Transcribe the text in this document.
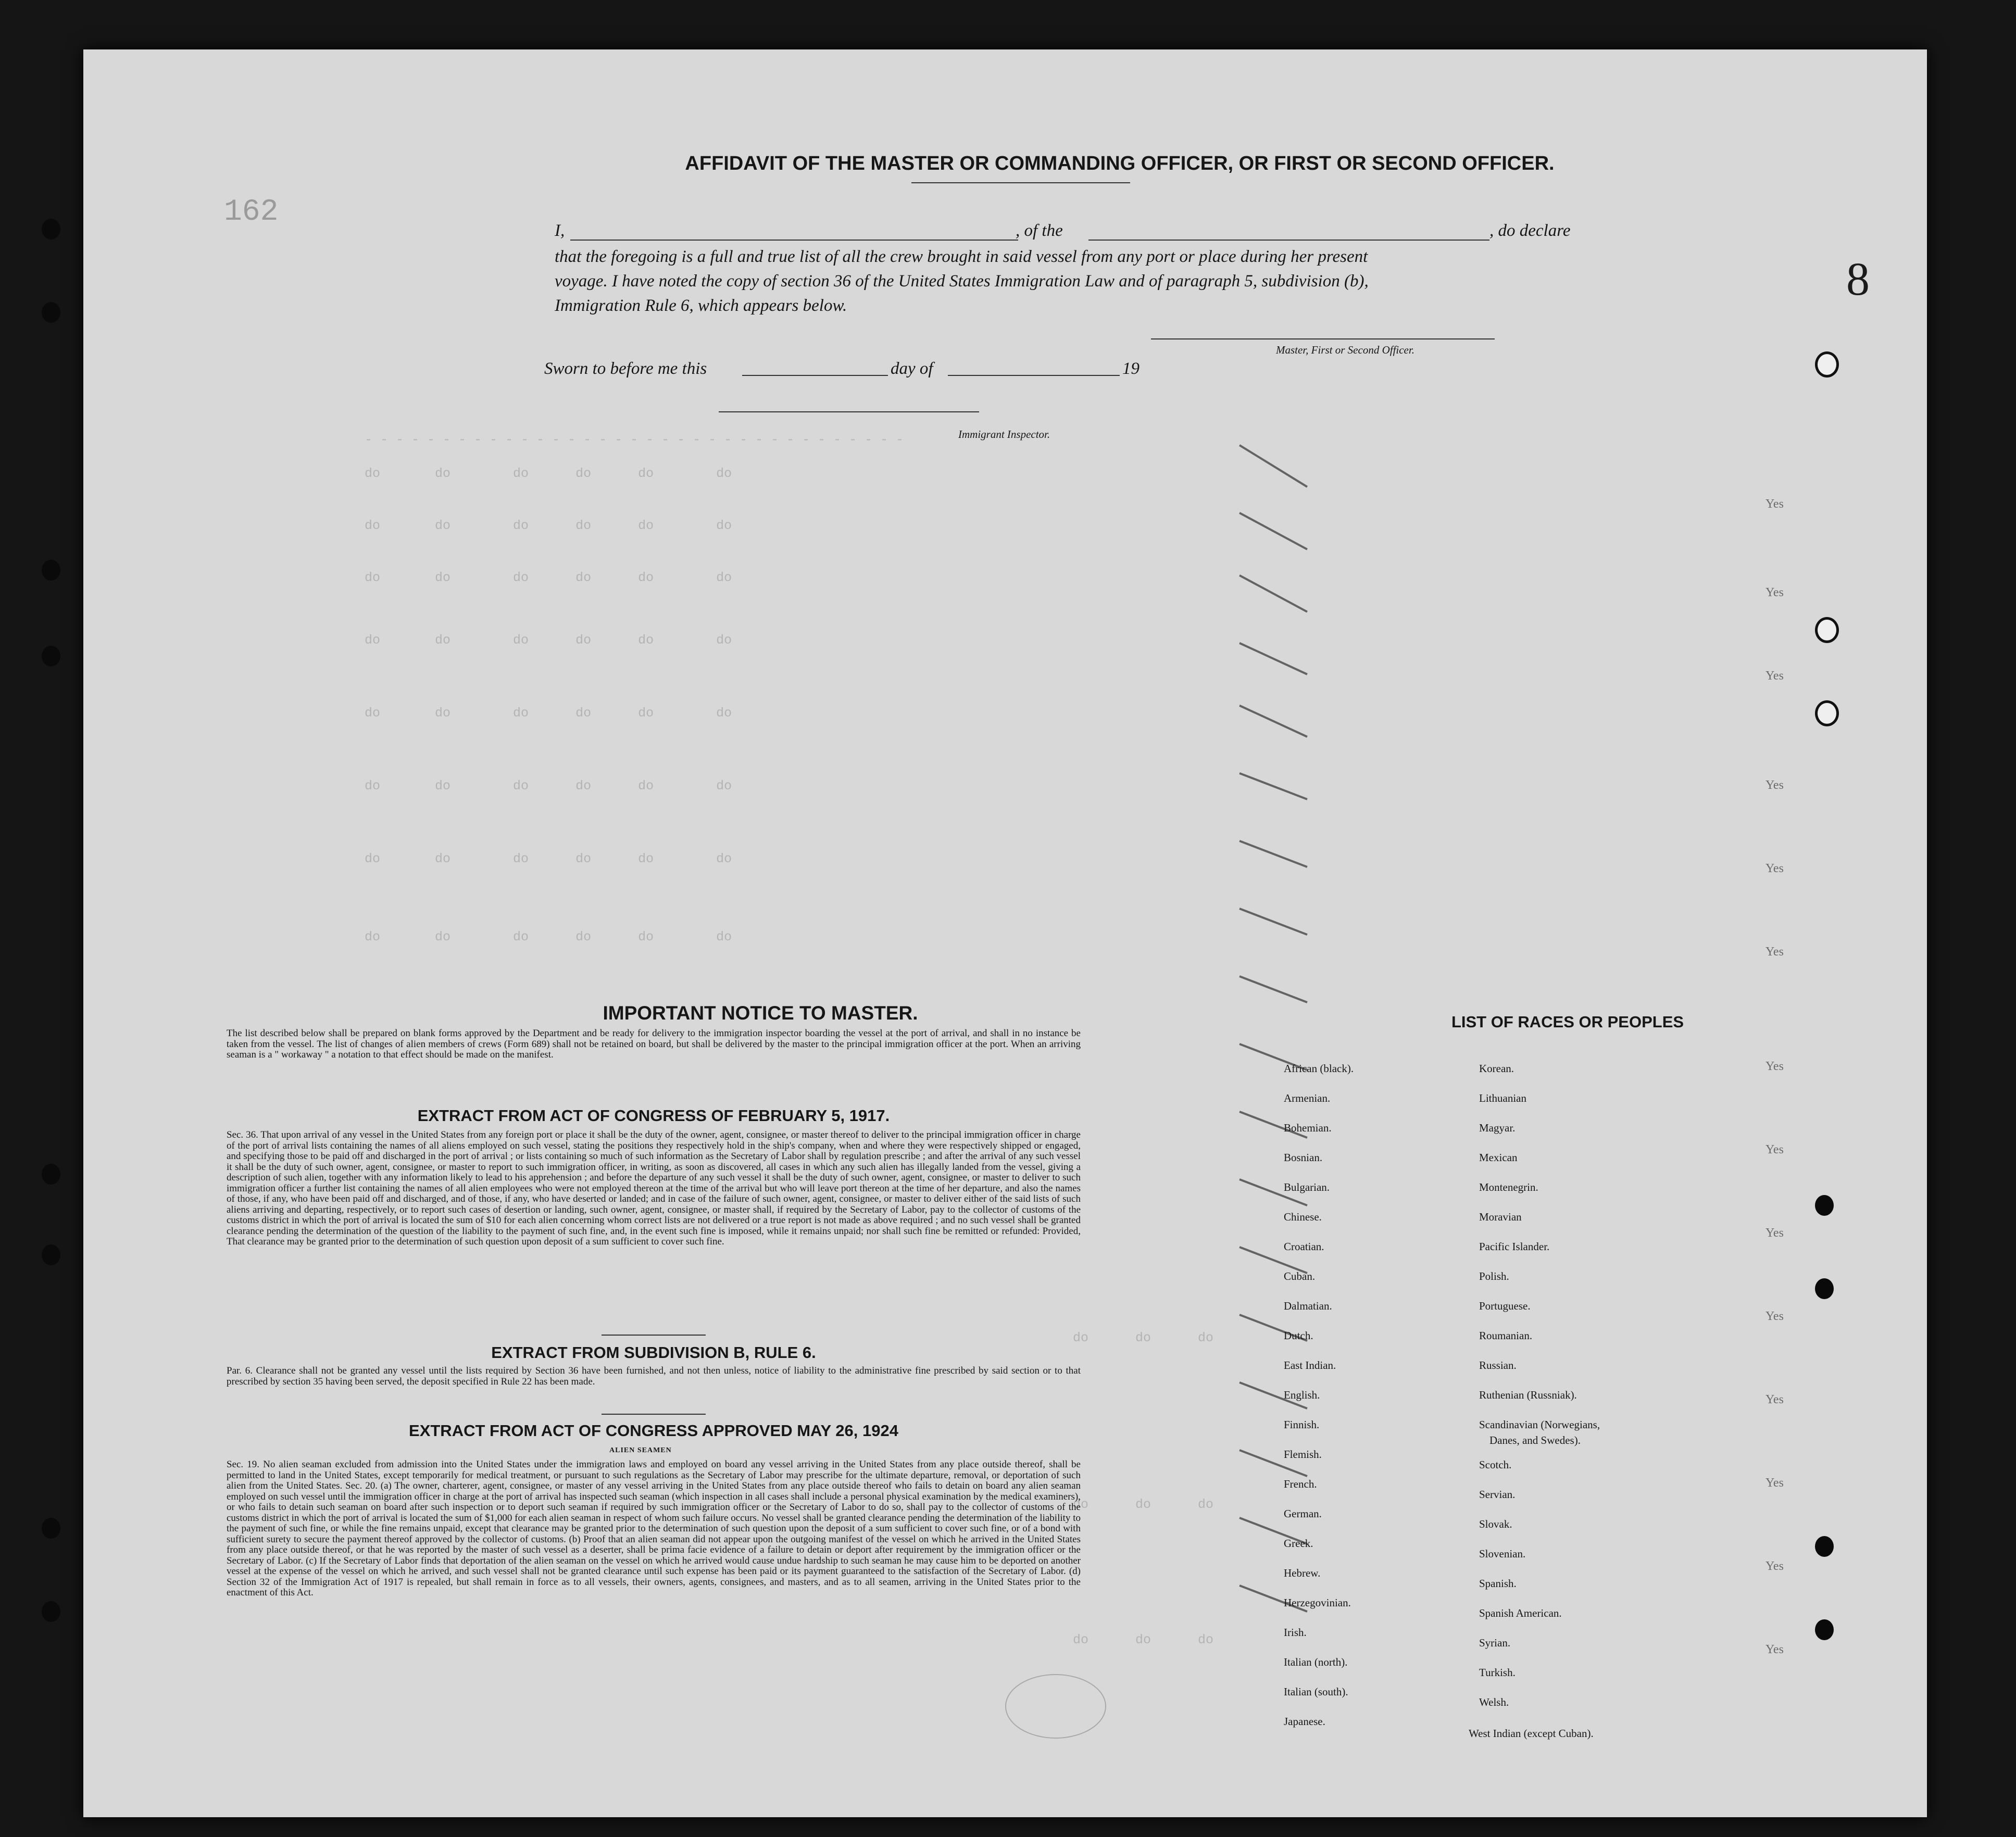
162
8
- - - - - - - - - - - - - - - - - - - - - - - - - - - - - - - - - - -
do       do        do      do      do        do
do       do        do      do      do        do
do       do        do      do      do        do
do       do        do      do      do        do
do       do        do      do      do        do
do       do        do      do      do        do
do       do        do      do      do        do
do       do        do      do      do        do
do      do      do
do      do      do
do      do      do
Yes
Yes
Yes
Yes
Yes
Yes
Yes
Yes
Yes
Yes
Yes
Yes
Yes
Yes
AFFIDAVIT OF THE MASTER OR COMMANDING OFFICER, OR FIRST OR SECOND OFFICER.
I,	, of the	, do declare
that the foregoing is a full and true list of all the crew brought in said vessel from any port or place during her present
voyage. I have noted the copy of section 36 of the United States Immigration Law and of paragraph 5, subdivision (b),
Immigration Rule 6, which appears below.
Master, First or Second Officer.
Sworn to before me this	day of	19
Immigrant Inspector.
IMPORTANT NOTICE TO MASTER.
The list described below shall be prepared on blank forms approved by the Department and be ready for delivery to the immigration inspector boarding the vessel at the port of arrival, and shall in no instance be taken from the vessel. The list of changes of alien members of crews (Form 689) shall not be retained on board, but shall be delivered by the master to the principal immigration officer at the port. When an arriving seaman is a " workaway " a notation to that effect should be made on the manifest.
EXTRACT FROM ACT OF CONGRESS OF FEBRUARY 5, 1917.
Sec. 36. That upon arrival of any vessel in the United States from any foreign port or place it shall be the duty of the owner, agent, consignee, or master thereof to deliver to the principal immigration officer in charge of the port of arrival lists containing the names of all aliens employed on such vessel, stating the positions they respectively hold in the ship's company, when and where they were respectively shipped or engaged, and specifying those to be paid off and discharged in the port of arrival ; or lists containing so much of such information as the Secretary of Labor shall by regulation prescribe ; and after the arrival of any such vessel it shall be the duty of such owner, agent, consignee, or master to report to such immigration officer, in writing, as soon as discovered, all cases in which any such alien has illegally landed from the vessel, giving a description of such alien, together with any information likely to lead to his apprehension ; and before the departure of any such vessel it shall be the duty of such owner, agent, consignee, or master to deliver to such immigration officer a further list containing the names of all alien employees who were not employed thereon at the time of the arrival but who will leave port thereon at the time of her departure, and also the names of those, if any, who have been paid off and discharged, and of those, if any, who have deserted or landed; and in case of the failure of such owner, agent, consignee, or master to deliver either of the said lists of such aliens arriving and departing, respectively, or to report such cases of desertion or landing, such owner, agent, consignee, or master shall, if required by the Secretary of Labor, pay to the collector of customs of the customs district in which the port of arrival is located the sum of $10 for each alien concerning whom correct lists are not delivered or a true report is not made as above required ; and no such vessel shall be granted clearance pending the determination of the question of the liability to the payment of such fine, and, in the event such fine is imposed, while it remains unpaid; nor shall such fine be remitted or refunded: Provided, That clearance may be granted prior to the determination of such question upon deposit of a sum sufficient to cover such fine.
EXTRACT FROM SUBDIVISION B, RULE 6.
Par. 6. Clearance shall not be granted any vessel until the lists required by Section 36 have been furnished, and not then unless, notice of liability to the administrative fine prescribed by said section or to that prescribed by section 35 having been served, the deposit specified in Rule 22 has been made.
EXTRACT FROM ACT OF CONGRESS APPROVED MAY 26, 1924
ALIEN SEAMEN
Sec. 19. No alien seaman excluded from admission into the United States under the immigration laws and employed on board any vessel arriving in the United States from any place outside thereof, shall be permitted to land in the United States, except temporarily for medical treatment, or pursuant to such regulations as the Secretary of Labor may prescribe for the ultimate departure, removal, or deportation of such alien from the United States. Sec. 20. (a) The owner, charterer, agent, consignee, or master of any vessel arriving in the United States from any place outside thereof who fails to detain on board any alien seaman employed on such vessel until the immigration officer in charge at the port of arrival has inspected such seaman (which inspection in all cases shall include a personal physical examination by the medical examiners), or who fails to detain such seaman on board after such inspection or to deport such seaman if required by such immigration officer or the Secretary of Labor to do so, shall pay to the collector of customs of the customs district in which the port of arrival is located the sum of $1,000 for each alien seaman in respect of whom such failure occurs. No vessel shall be granted clearance pending the determination of the liability to the payment of such fine, or while the fine remains unpaid, except that clearance may be granted prior to the determination of such question upon the deposit of a sum sufficient to cover such fine, or of a bond with sufficient surety to secure the payment thereof approved by the collector of customs. (b) Proof that an alien seaman did not appear upon the outgoing manifest of the vessel on which he arrived in the United States from any place outside thereof, or that he was reported by the master of such vessel as a deserter, shall be prima facie evidence of a failure to detain or deport after requirement by the immigration officer or the Secretary of Labor. (c) If the Secretary of Labor finds that deportation of the alien seaman on the vessel on which he arrived would cause undue hardship to such seaman he may cause him to be deported on another vessel at the expense of the vessel on which he arrived, and such vessel shall not be granted clearance until such expense has been paid or its payment guaranteed to the satisfaction of the Secretary of Labor. (d) Section 32 of the Immigration Act of 1917 is repealed, but shall remain in force as to all vessels, their owners, agents, consignees, and masters, and as to all seamen, arriving in the United States prior to the enactment of this Act.
LIST OF RACES OR PEOPLES
African (black).
Armenian.
Bohemian.
Bosnian.
Bulgarian.
Chinese.
Croatian.
Cuban.
Dalmatian.
Dutch.
East Indian.
English.
Finnish.
Flemish.
French.
German.
Greek.
Hebrew.
Herzegovinian.
Irish.
Italian (north).
Italian (south).
Japanese.
Korean.
Lithuanian
Magyar.
Mexican
Montenegrin.
Moravian
Pacific Islander.
Polish.
Portuguese.
Roumanian.
Russian.
Ruthenian (Russniak).
Scandinavian (Norwegians,
Danes, and Swedes).
Scotch.
Servian.
Slovak.
Slovenian.
Spanish.
Spanish American.
Syrian.
Turkish.
Welsh.
West Indian (except Cuban).
